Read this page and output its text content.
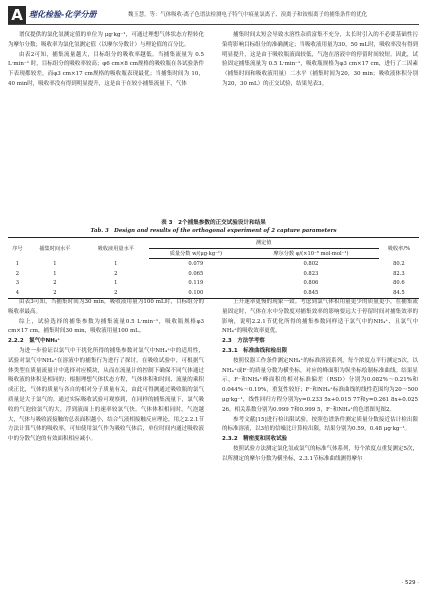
A 理化检验-化学分册	魏玉慧，等：气体吸收-离子色谱法检测电子特气中痕量氯离子、溴离子和铵根离子的捕集条件的优化

谱仪提供的氯化氢测定值的单位为 μg·kg⁻¹，可通过理想气体状态方程转化为摩尔分数；吸收率为氯化氢测定值（以摩尔分数计）与理论值的百分比。

由表2可知，捕集流量越大，目标组分的吸收率越低。当捕集流量为 0.5 L·min⁻¹ 时，目标组分的吸收率较高；φ6 cm×8 cm规格的吸收瓶在各试验条件下表现都较差，而φ3 cm×17 cm规格的吸收瓶表现最优；当捕集时间为 10，40 min时，吸收率没有得到明显提升，这是由于在较小捕集流量下，气体

捕集时间太短会导致水溶性杂质富集不充分，太长时引入的不必要基础性污染将影响目标组分的准确测定；当吸收液用量为30，50 mL时，吸收率没有得到明显提升，这是由于吸收瓶液面较低，气泡在溶液中的停留时间较短。因此，试验固定捕集流量为 0.5 L·min⁻¹，吸收瓶规格为φ3 cm×17 cm，进行了二因素（捕集时间和吸收液用量）二水平（捕集时间为20，30 min；吸收液体积分别为20，30 mL）的正交试验，结果见表3。

表 3　2个捕集参数的正交试验设计和结果
Tab. 3　Design and results of the orthogonal experiment of 2 capture parameters
序号	捕集时间水平	吸收液用量水平	测定值		吸收率/%
			质量分数 w/(μg·kg⁻¹)	摩尔分数 φ/(×10⁻⁶ mol·mol⁻¹)	
1	1	1	0.079	0.802	80.2
2	1	2	0.065	0.823	82.3
3	2	1	0.119	0.806	80.6
4	2	2	0.100	0.845	84.5

由表3可知，当捕集时间为30 min，吸收液用量为100 mL时，目标组分的吸收率最高。

综上，试验选择的捕集参数为捕集流量0.5 L·min⁻¹，吸收瓶规格φ3 cm×17 cm，捕集时间30 min，吸收液用量100 mL。

2.2.2　氯气中NH₄⁺

为进一步验证以氯气中干扰化所得的捕集参数对氯气中NH₄⁺中的适用性，试验对氯气中NH₄⁺在溶液中的捕集行为进行了探讨。在吸收试验中，可根据气体类型在质量流量计中选择对应模块，从而在流量计的控制下确保不同气体通过吸收液的体积是相同的；根据理想气体状态方程，气体体积和时间、流量的乘积成正比，气体的质量与各自的相对分子质量有关，由此可得测通过吸收瓶的氯气质量是大于氯气的。通过实际吸收试验可观察到，在同样的捕集流量下，氯气吸收的气泡较氯气的大，浮到液面上的速率较氯气快。气体体积相同时，气泡越大，气体与吸收液接触的总表面积越小，结合气液相接触反应理论，用之2.2.1节方法计算气体的吸收率，可知使用氯气作为吸收气体后，单位时间内通过吸收液中的分散气泡的有效面积相应减小。

上升速率更慢的现象一致。考虑到氯气体积用量更少的质量更小，在捕集流量固定时，气体在水中分散度对捕集效率的影响要远大于停留时间对捕集效率的影响，说明2.2.1节优化所得的捕集参数同样适于氯气中的NH₄⁺、且氯气中NH₄⁺的吸收效率更优。

2.3　方法学考察

2.3.1　标准曲线和检出限

按照仪器工作条件测定NH₄⁺的标准溶液系列，每个浓度点平行测定5次，以NH₄⁺或F⁻的质量分数为横坐标，对应的峰面积为纵坐标绘制标准曲线。结果显示，F⁻和NH₄⁺峰面积的相对标准偏差（RSD）分别为0.082%～0.21%和0.044%～0.19%，重复性较好；F⁻和NH₄⁺标准曲线的线性范围均为20～500 μg·kg⁻¹，线性回归方程分别为y=0.233 5x+0.015 77和y=0.261 8x+0.025 26，相关系数分别为0.999 7和0.999 5，F⁻和NH₄⁺的色谱图见图2。

参考文献[15]进行检出限试验，按照色谱条件测定质量分数接近估计检出限的标准溶液，以3倍的信噪比计算检出限，结果分别为0.59，0.48 μg·kg⁻¹。

2.3.2　精密度和回收试验

按照试验方法测定氯化氢或氯气的标准气体系列，每个浓度点重复测定5次，以所测定的摩尔分数为横坐标，2.3.1节标准曲线测得摩尔

· 529 ·
